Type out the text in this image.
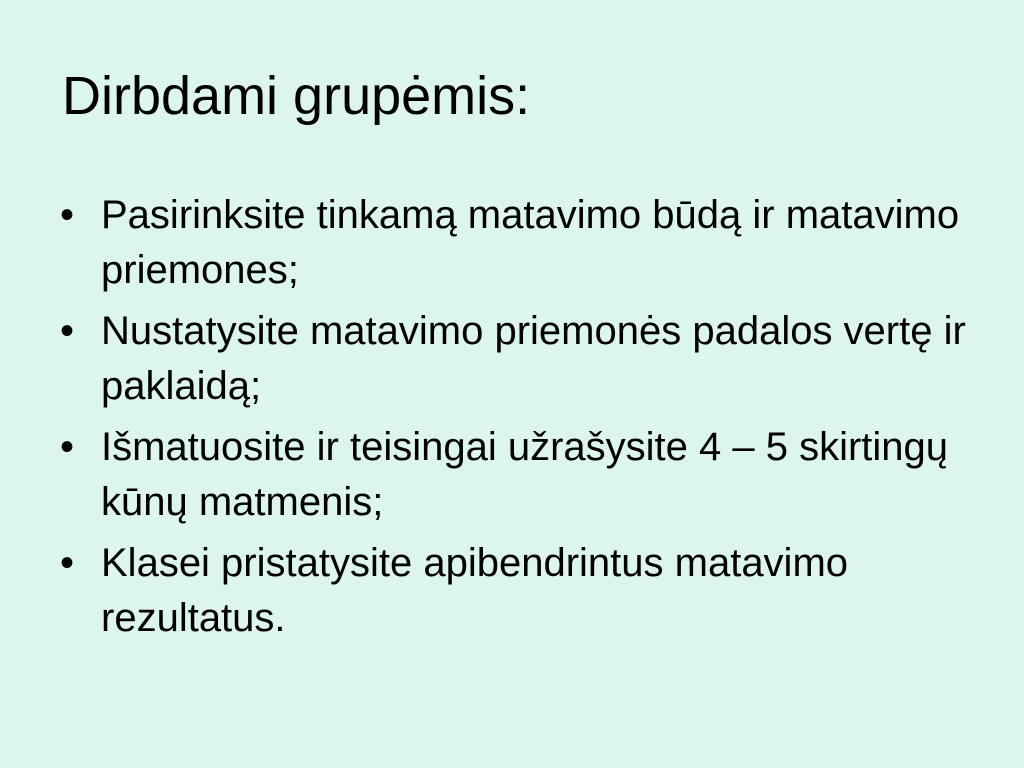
Dirbdami grupėmis:
• Pasirinksite tinkamą matavimo būdą ir matavimo priemones;
• Nustatysite matavimo priemonės padalos vertę ir paklaidą;
• Išmatuosite ir teisingai užrašysite 4 – 5 skirtingų kūnų matmenis;
• Klasei pristatysite apibendrintus matavimo rezultatus.
